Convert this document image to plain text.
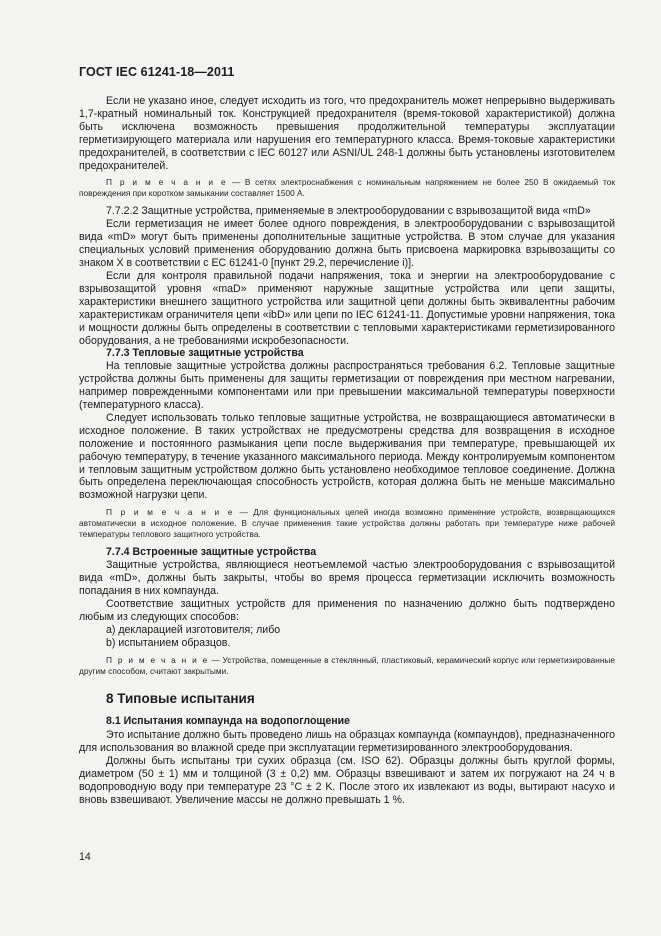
ГОСТ IEC 61241-18—2011

Если не указано иное, следует исходить из того, что предохранитель может непрерывно выдерживать 1,7-кратный номинальный ток. Конструкцией предохранителя (время-токовой характеристикой) должна быть исключена возможность превышения продолжительной температуры эксплуатации герметизирующего материала или нарушения его температурного класса. Время-токовые характеристики предохранителей, в соответствии с IEC 60127 или ASNI/UL 248-1 должны быть установлены изготовителем предохранителей.

П р и м е ч а н и е — В сетях электроснабжения с номинальным напряжением не более 250 В ожидаемый ток повреждения при коротком замыкании составляет 1500 А.

7.7.2.2 Защитные устройства, применяемые в электрооборудовании с взрывозащитой вида «mD»

Если герметизация не имеет более одного повреждения, в электрооборудовании с взрывозащитой вида «mD» могут быть применены дополнительные защитные устройства. В этом случае для указания специальных условий применения оборудованию должна быть присвоена маркировка взрывозащиты со знаком X в соответствии с EC 61241-0 [пункт 29.2, перечисление i)].

Если для контроля правильной подачи напряжения, тока и энергии на электрооборудование с взрывозащитой уровня «maD» применяют наружные защитные устройства или цепи защиты, характеристики внешнего защитного устройства или защитной цепи должны быть эквивалентны рабочим характеристикам ограничителя цепи «ibD» или цепи по IEC 61241-11. Допустимые уровни напряжения, тока и мощности должны быть определены в соответствии с тепловыми характеристиками герметизированного оборудования, а не требованиями искробезопасности.

7.7.3 Тепловые защитные устройства

На тепловые защитные устройства должны распространяться требования 6.2. Тепловые защитные устройства должны быть применены для защиты герметизации от повреждения при местном нагревании, например поврежденными компонентами или при превышении максимальной температуры поверхности (температурного класса).

Следует использовать только тепловые защитные устройства, не возвращающиеся автоматически в исходное положение. В таких устройствах не предусмотрены средства для возвращения в исходное положение и постоянного размыкания цепи после выдерживания при температуре, превышающей их рабочую температуру, в течение указанного максимального периода. Между контролируемым компонентом и тепловым защитным устройством должно быть установлено необходимое тепловое соединение. Должна быть определена переключающая способность устройств, которая должна быть не меньше максимально возможной нагрузки цепи.

П р и м е ч а н и е — Для функциональных целей иногда возможно применение устройств, возвращающихся автоматически в исходное положение. В случае применения такие устройства должны работать при температуре ниже рабочей температуры теплового защитного устройства.

7.7.4 Встроенные защитные устройства

Защитные устройства, являющиеся неотъемлемой частью электрооборудования с взрывозащитой вида «mD», должны быть закрыты, чтобы во время процесса герметизации исключить возможность попадания в них компаунда.

Соответствие защитных устройств для применения по назначению должно быть подтверждено любым из следующих способов:

a) декларацией изготовителя; либо

b) испытанием образцов.

П р и м е ч а н и е — Устройства, помещенные в стеклянный, пластиковый, керамический корпус или герметизированные другим способом, считают закрытыми.
8 Типовые испытания
8.1 Испытания компаунда на водопоглощение

Это испытание должно быть проведено лишь на образцах компаунда (компаундов), предназначенного для использования во влажной среде при эксплуатации герметизированного электрооборудования.

Должны быть испытаны три сухих образца (см. ISO 62). Образцы должны быть круглой формы, диаметром (50 ± 1) мм и толщиной (3 ± 0,2) мм. Образцы взвешивают и затем их погружают на 24 ч в водопроводную воду при температуре 23 °С ± 2 K. После этого их извлекают из воды, вытирают насухо и вновь взвешивают. Увеличение массы не должно превышать 1 %.

14
